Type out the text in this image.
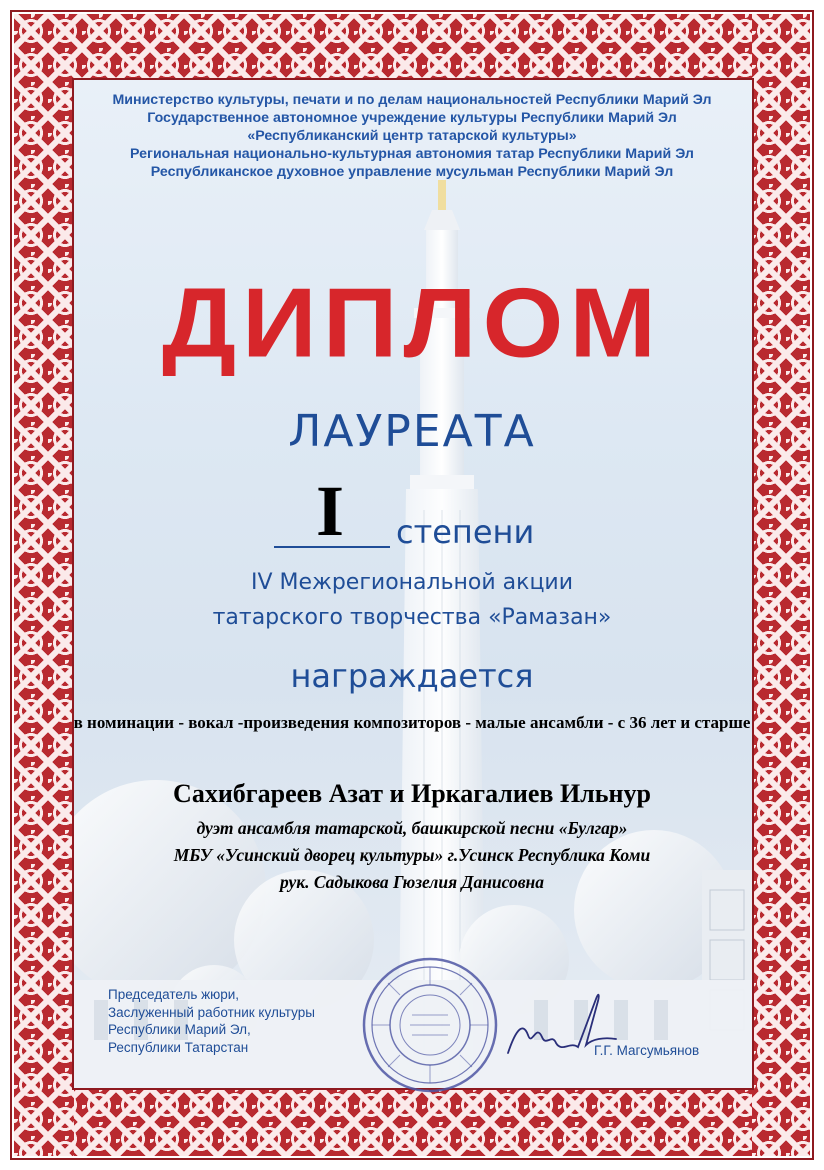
Министерство культуры, печати и по делам национальностей Республики Марий Эл
Государственное автономное учреждение культуры Республики Марий Эл
«Республиканский центр татарской культуры»
Региональная национально-культурная автономия татар Республики Марий Эл
Республиканское духовное управление мусульман Республики Марий Эл
ДИПЛОМ
ЛАУРЕАТА
I	степени
IV Межрегиональной акции
татарского творчества «Рамазан»
награждается
в номинации - вокал -произведения композиторов - малые ансамбли - с 36 лет и старше
Сахибгареев Азат и Иркагалиев Ильнур
дуэт ансамбля татарской, башкирской песни «Булгар»
МБУ «Усинский дворец культуры» г.Усинск Республика Коми
рук. Садыкова Гюзелия Данисовна
Председатель жюри,
Заслуженный работник культуры
Республики Марий Эл,
Республики Татарстан	Г.Г. Магсумьянов
